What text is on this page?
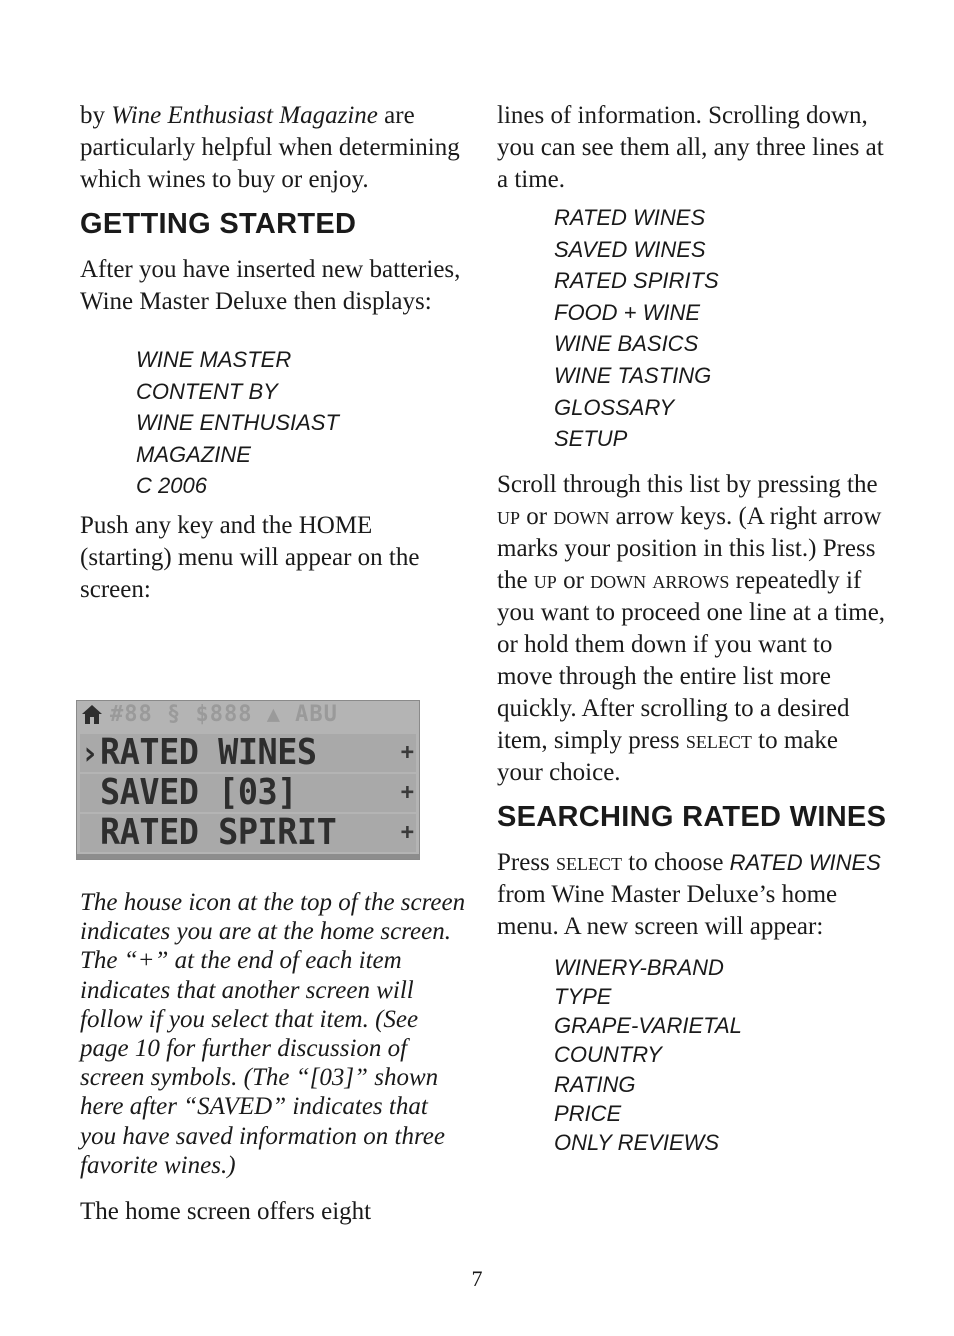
by Wine Enthusiast Magazine are particularly helpful when determining which wines to buy or enjoy.

GETTING STARTED

After you have inserted new batteries, Wine Master Deluxe then displays:

WINE MASTER
CONTENT BY
WINE ENTHUSIAST
MAGAZINE
C 2006

Push any key and the HOME (starting) menu will appear on the screen:

#88 § $888 ▲ ABU
› RATED WINES	+
SAVED [03]	+
RATED SPIRIT	+

The house icon at the top of the screen indicates you are at the home screen. The “+” at the end of each item indicates that another screen will follow if you select that item. (See page 10 for further discussion of screen symbols. (The “[03]” shown here after “SAVED” indicates that you have saved information on three favorite wines.)

The home screen offers eight

lines of information. Scrolling down, you can see them all, any three lines at a time.

RATED WINES
SAVED WINES
RATED SPIRITS
FOOD + WINE
WINE BASICS
WINE TASTING
GLOSSARY
SETUP

Scroll through this list by pressing the up or down arrow keys. (A right arrow marks your position in this list.) Press the up or down arrows repeatedly if you want to proceed one line at a time, or hold them down if you want to move through the entire list more quickly. After scrolling to a desired item, simply press select to make your choice.

SEARCHING RATED WINES

Press select to choose RATED WINES from Wine Master Deluxe’s home menu. A new screen will appear:

WINERY-BRAND
TYPE
GRAPE-VARIETAL
COUNTRY
RATING
PRICE
ONLY REVIEWS
7
